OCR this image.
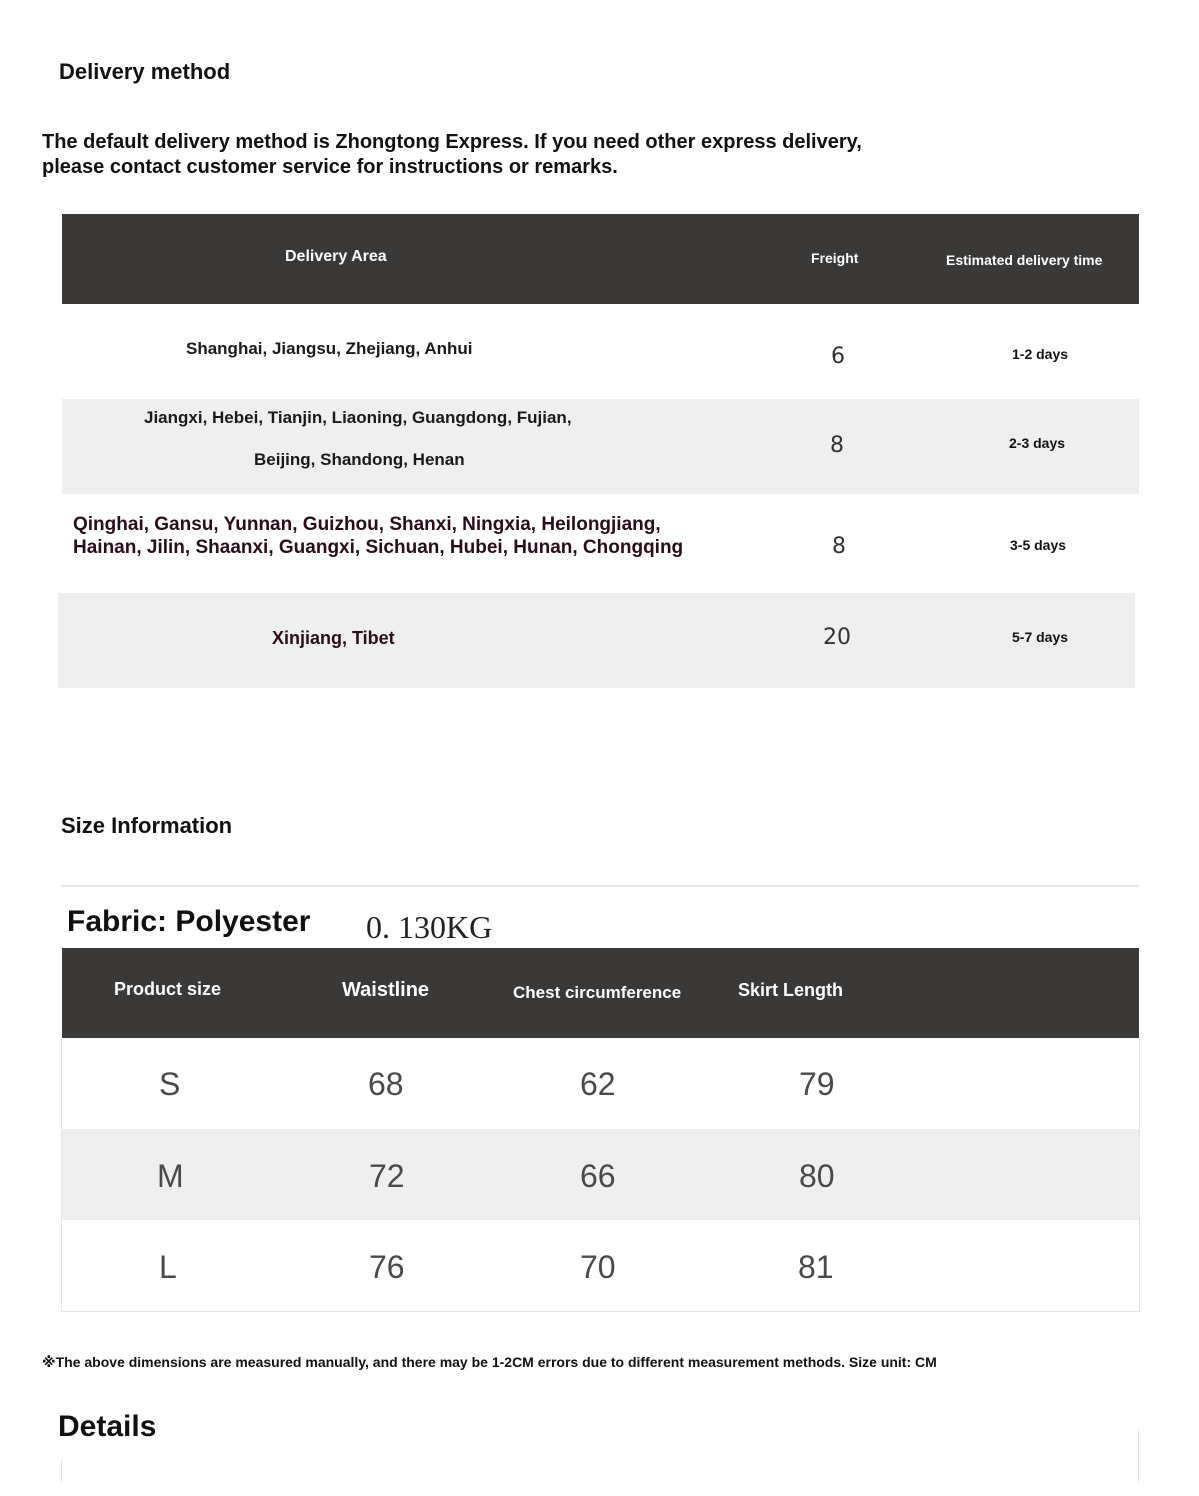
Delivery method
The default delivery method is Zhongtong Express. If you need other express delivery,
please contact customer service for instructions or remarks.
Delivery Area	Freight	Estimated delivery time
Shanghai, Jiangsu, Zhejiang, Anhui	6	1-2 days
Jiangxi, Hebei, Tianjin, Liaoning, Guangdong, Fujian,
Beijing, Shandong, Henan
8	2-3 days
Qinghai, Gansu, Yunnan, Guizhou, Shanxi, Ningxia, Heilongjiang,
Hainan, Jilin, Shaanxi, Guangxi, Sichuan, Hubei, Hunan, Chongqing	8	3-5 days
Xinjiang, Tibet	20	5-7 days
Size Information
Fabric: Polyester 0. 130KG
Product size	Waistline	Chest circumference	Skirt Length
S	68	62	79
M	72	66	80
L	76	70	81
※The above dimensions are measured manually, and there may be 1-2CM errors due to different measurement methods. Size unit: CM
Details
